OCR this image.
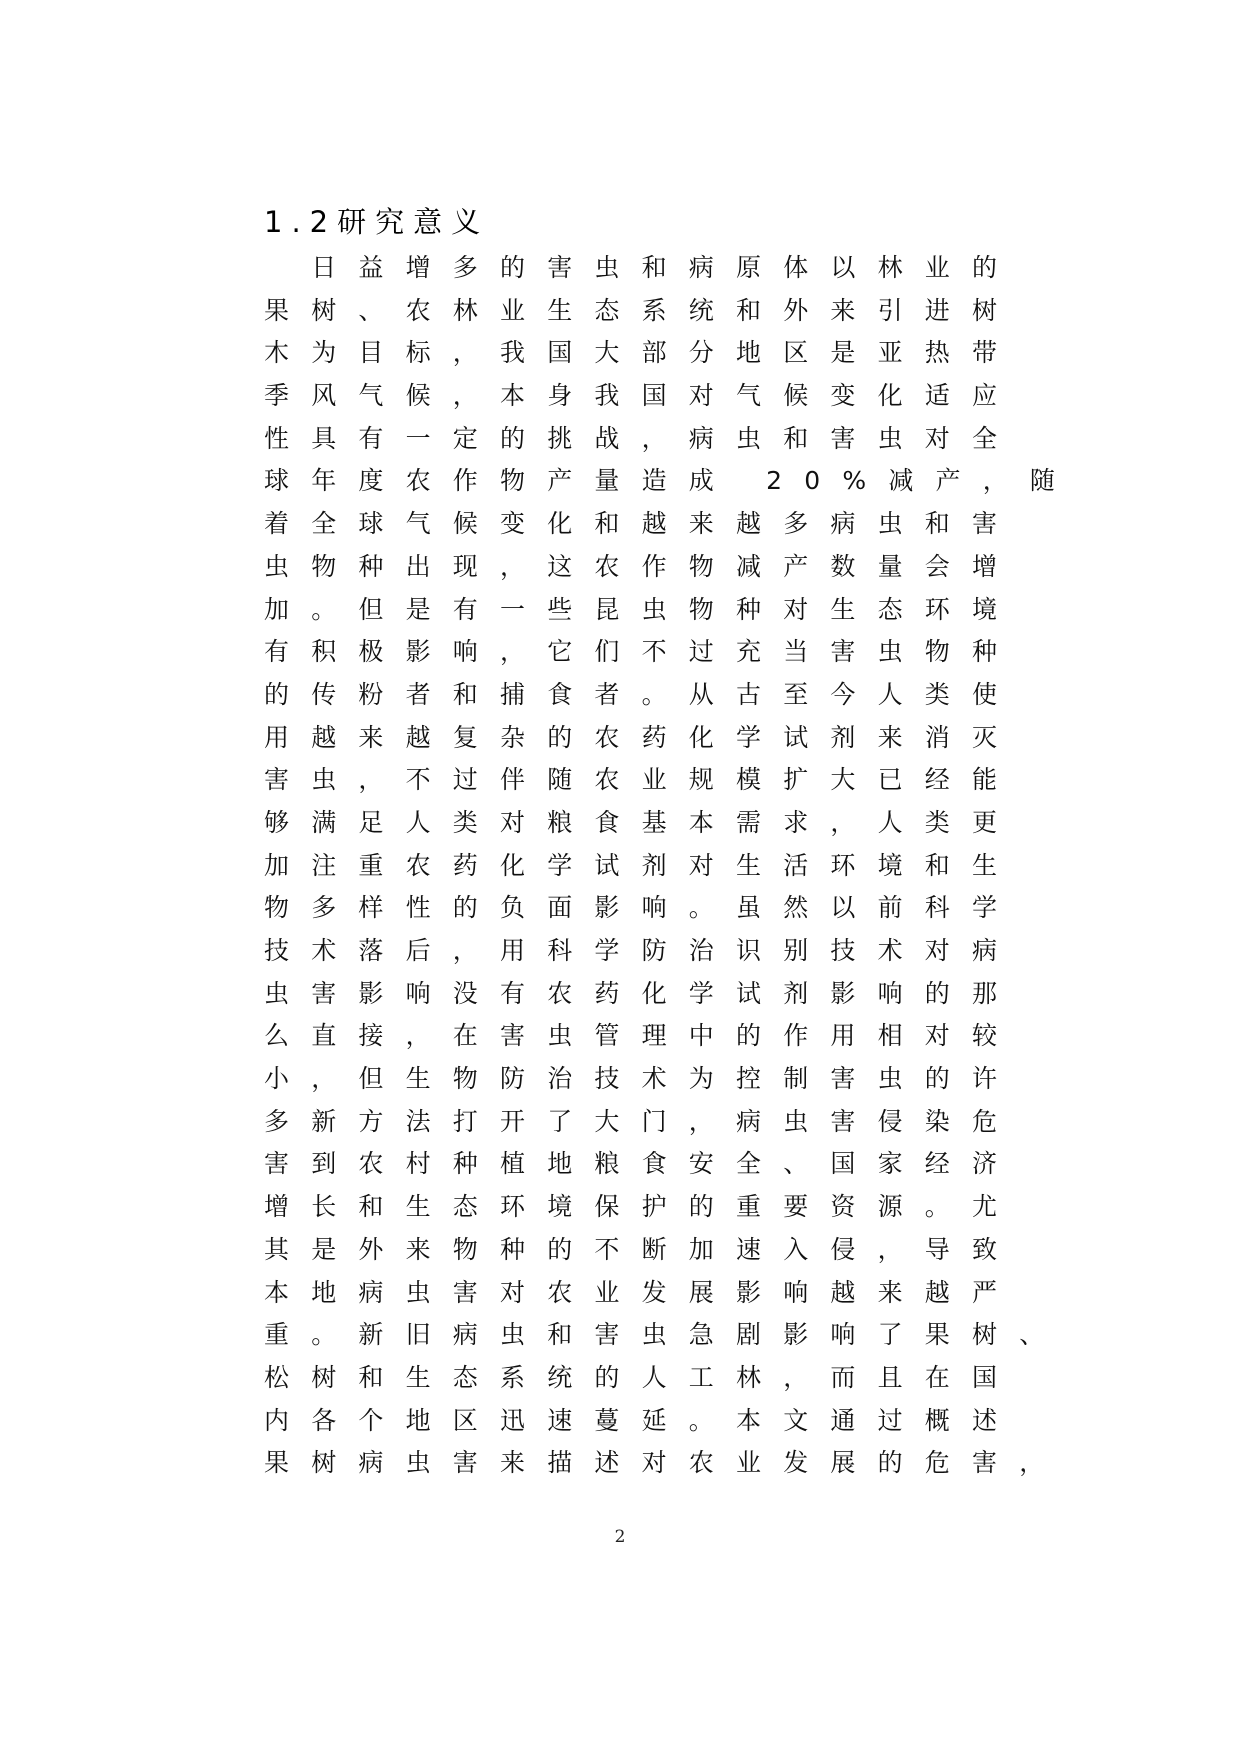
1.2研究意义
　日益增多的害虫和病原体以林业的
果树、农林业生态系统和外来引进树
木为目标，我国大部分地区是亚热带
季风气候，本身我国对气候变化适应
性具有一定的挑战，病虫和害虫对全
球年度农作物产量造成 20%减产，随
着全球气候变化和越来越多病虫和害
虫物种出现，这农作物减产数量会增
加。但是有一些昆虫物种对生态环境
有积极影响，它们不过充当害虫物种
的传粉者和捕食者。从古至今人类使
用越来越复杂的农药化学试剂来消灭
害虫，不过伴随农业规模扩大已经能
够满足人类对粮食基本需求，人类更
加注重农药化学试剂对生活环境和生
物多样性的负面影响。虽然以前科学
技术落后，用科学防治识别技术对病
虫害影响没有农药化学试剂影响的那
么直接，在害虫管理中的作用相对较
小，但生物防治技术为控制害虫的许
多新方法打开了大门，病虫害侵染危
害到农村种植地粮食安全、国家经济
增长和生态环境保护的重要资源。尤
其是外来物种的不断加速入侵，导致
本地病虫害对农业发展影响越来越严
重。新旧病虫和害虫急剧影响了果树、
松树和生态系统的人工林，而且在国
内各个地区迅速蔓延。本文通过概述
果树病虫害来描述对农业发展的危害，
2
